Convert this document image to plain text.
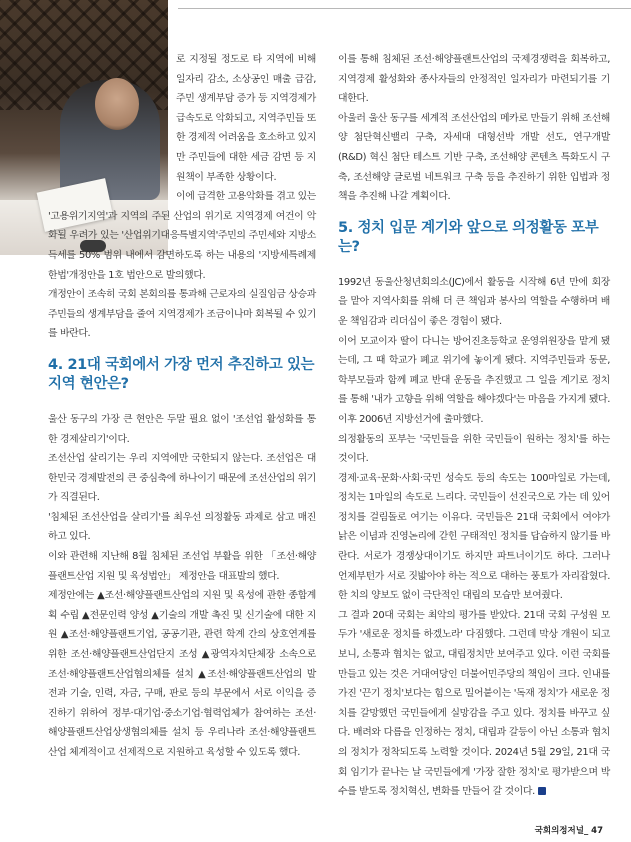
로 지정될 정도로 타 지역에 비해 일자리 감소, 소상공인 매출 급감, 주민 생계부담 증가 등 지역경제가 급속도로 악화되고, 지역주민들 또한 경제적 어려움을 호소하고 있지만 주민들에 대한 세금 감면 등 지원책이 부족한 상황이다.

이에 급격한 고용악화를 겪고 있는 '고용위기지역'과 지역의 주된 산업의 위기로 지역경제 여건이 악화될 우려가 있는 '산업위기대응특별지역'주민의 주민세와 지방소득세를 50% 범위 내에서 감면하도록 하는 내용의 '지방세특례제한법'개정안을 1호 법안으로 발의했다.

개정안이 조속히 국회 본회의를 통과해 근로자의 실질임금 상승과 주민들의 생계부담을 줄여 지역경제가 조금이나마 회복될 수 있기를 바란다.

4. 21대 국회에서 가장 먼저 추진하고 있는 지역 현안은?

울산 동구의 가장 큰 현안은 두말 필요 없이 '조선업 활성화를 통한 경제살리기'이다.

조선산업 살리기는 우리 지역에만 국한되지 않는다. 조선업은 대한민국 경제발전의 큰 중심축에 하나이기 때문에 조선산업의 위기가 직결된다.

'침체된 조선산업을 살리기'를 최우선 의정활동 과제로 삼고 매진하고 있다.

이와 관련해 지난해 8월 침체된 조선업 부활을 위한 「조선·해양플랜트산업 지원 및 육성법안」 제정안을 대표발의 했다.

제정안에는 ▲조선·해양플랜트산업의 지원 및 육성에 관한 종합계획 수립 ▲전문인력 양성 ▲기술의 개발 촉진 및 신기술에 대한 지원 ▲조선·해양플랜트기업, 공공기관, 관련 학계 간의 상호연계를 위한 조선·해양플랜트산업단지 조성 ▲광역자치단체장 소속으로 조선·해양플랜트산업협의체를 설치 ▲조선·해양플랜트산업의 발전과 기술, 인력, 자금, 구매, 판로 등의 부문에서 서로 이익을 증진하기 위하여 정부·대기업·중소기업·협력업체가 참여하는 조선·해양플랜트산업상생협의체를 설치 등 우리나라 조선·해양플랜트산업 체계적이고 선제적으로 지원하고 육성할 수 있도록 했다.

이를 통해 침체된 조선·해양플랜트산업의 국제경쟁력을 회복하고, 지역경제 활성화와 종사자들의 안정적인 일자리가 마련되기를 기대한다.

아울러 울산 동구를 세계적 조선산업의 메카로 만들기 위해 조선해양 첨단혁신밸리 구축, 자세대 대형선박 개발 선도, 연구개발(R&D) 혁신 첨단 테스트 기반 구축, 조선해양 콘텐츠 특화도시 구축, 조선해양 글로벌 네트워크 구축 등을 추진하기 위한 입법과 정책을 추진해 나갈 계획이다.

5. 정치 입문 계기와 앞으로 의정활동 포부는?

1992년 동울산청년회의소(JC)에서 활동을 시작해 6년 만에 회장을 맡아 지역사회를 위해 더 큰 책임과 봉사의 역할을 수행하며 배운 책임감과 리더십이 좋은 경험이 됐다.

이어 모교이자 딸이 다니는 방어진초등학교 운영위원장을 맡게 됐는데, 그 때 학교가 폐교 위기에 놓이게 됐다. 지역주민들과 동문, 학부모들과 함께 폐교 반대 운동을 추진했고 그 일을 계기로 정치를 통해 '내가 고향을 위해 역할을 해야겠다'는 마음을 가지게 됐다. 이후 2006년 지방선거에 출마했다.

의정활동의 포부는 '국민들을 위한 국민들이 원하는 정치'를 하는 것이다.

경제·교육·문화·사회·국민 성숙도 등의 속도는 100마일로 가는데, 정치는 1마일의 속도로 느리다. 국민들이 선진국으로 가는 데 있어 정치를 걸림돌로 여기는 이유다. 국민들은 21대 국회에서 여야가 낡은 이념과 진영논리에 갇힌 구태적인 정치를 답습하지 않기를 바란다. 서로가 경쟁상대이기도 하지만 파트너이기도 하다. 그러나 언제부턴가 서로 짓밟아야 하는 적으로 대하는 풍토가 자리잡혔다. 한 치의 양보도 없이 극단적인 대립의 모습만 보여줬다.

그 결과 20대 국회는 최악의 평가를 받았다. 21대 국회 구성원 모두가 '새로운 정치를 하겠노라' 다짐했다. 그런데 막상 개원이 되고 보니, 소통과 협치는 없고, 대립정치만 보여주고 있다. 이런 국회를 만들고 있는 것은 거대여당인 더불어민주당의 책임이 크다. 인내를 가진 '끈기 정치'보다는 힘으로 밀어붙이는 '독재 정치'가 새로운 정치를 갈망했던 국민들에게 실망감을 주고 있다. 정치를 바꾸고 싶다. 배려와 다름을 인정하는 정치, 대립과 갈등이 아닌 소통과 협치의 정치가 정착되도록 노력할 것이다. 2024년 5월 29일, 21대 국회 임기가 끝나는 날 국민들에게 '가장 잘한 정치'로 평가받으며 박수를 받도록 정치혁신, 변화를 만들어 갈 것이다.

국회의정저널_ 47
